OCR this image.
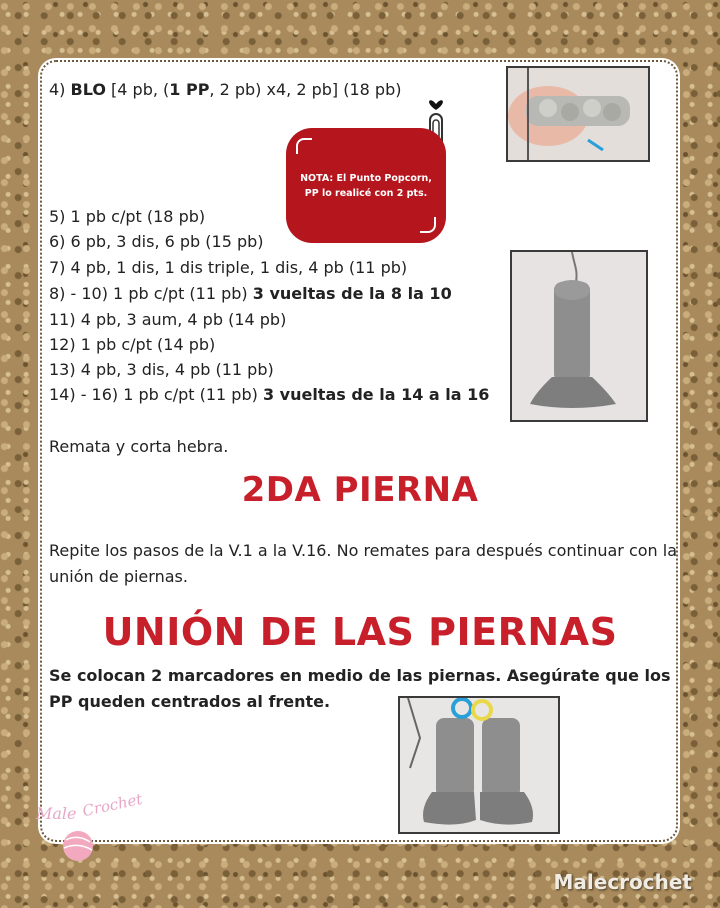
4) BLO [4 pb, (1 PP, 2 pb) x4, 2 pb] (18 pb)
NOTA: El Punto Popcorn,
PP lo realicé con 2 pts.
5) 1 pb c/pt (18 pb)
6) 6 pb, 3 dis, 6 pb (15 pb)
7) 4 pb, 1 dis, 1 dis triple, 1 dis, 4 pb (11 pb)
8) - 10) 1 pb c/pt (11 pb) 3 vueltas de la 8 la 10
11) 4 pb, 3 aum, 4 pb (14 pb)
12) 1 pb c/pt (14 pb)
13) 4 pb, 3 dis, 4 pb (11 pb)
14) - 16) 1 pb c/pt (11 pb) 3 vueltas de la 14 a la 16
Remata y corta hebra.
2DA PIERNA
Repite los pasos de la V.1 a la V.16. No remates para después continuar con la unión de piernas.
UNIÓN DE LAS PIERNAS
Se colocan 2 marcadores en medio de las piernas. Asegúrate que los PP queden centrados al frente.
Male Crochet
Malecrochet
